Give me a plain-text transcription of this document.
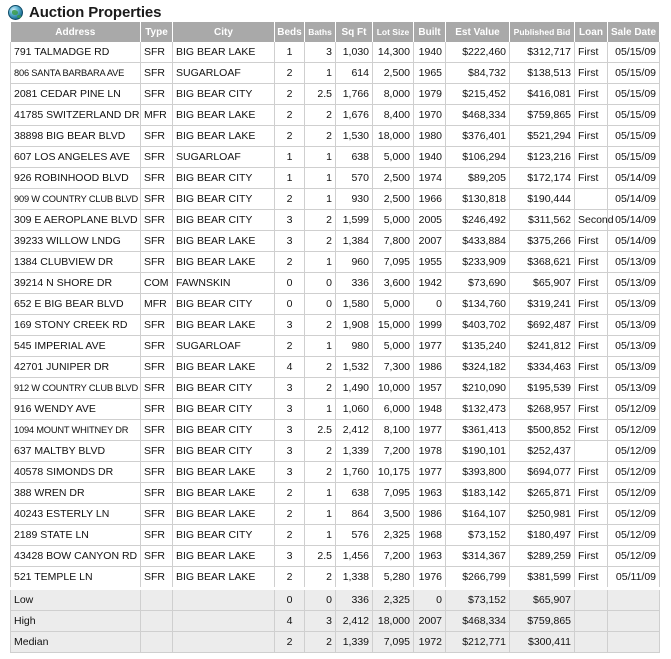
Auction Properties
Address	Type	City	Beds	Baths	Sq Ft	Lot Size	Built	Est Value	Published Bid	Loan	Sale Date
791 TALMADGE RD	SFR	BIG BEAR LAKE	1	3	1,030	14,300	1940	$222,460	$312,717	First	05/15/09
806 SANTA BARBARA AVE	SFR	SUGARLOAF	2	1	614	2,500	1965	$84,732	$138,513	First	05/15/09
2081 CEDAR PINE LN	SFR	BIG BEAR CITY	2	2.5	1,766	8,000	1979	$215,452	$416,081	First	05/15/09
41785 SWITZERLAND DR	MFR	BIG BEAR LAKE	2	2	1,676	8,400	1970	$468,334	$759,865	First	05/15/09
38898 BIG BEAR BLVD	SFR	BIG BEAR LAKE	2	2	1,530	18,000	1980	$376,401	$521,294	First	05/15/09
607 LOS ANGELES AVE	SFR	SUGARLOAF	1	1	638	5,000	1940	$106,294	$123,216	First	05/15/09
926 ROBINHOOD BLVD	SFR	BIG BEAR CITY	1	1	570	2,500	1974	$89,205	$172,174	First	05/14/09
909 W COUNTRY CLUB BLVD	SFR	BIG BEAR CITY	2	1	930	2,500	1966	$130,818	$190,444		05/14/09
309 E AEROPLANE BLVD	SFR	BIG BEAR CITY	3	2	1,599	5,000	2005	$246,492	$311,562	Second	05/14/09
39233 WILLOW LNDG	SFR	BIG BEAR LAKE	3	2	1,384	7,800	2007	$433,884	$375,266	First	05/14/09
1384 CLUBVIEW DR	SFR	BIG BEAR LAKE	2	1	960	7,095	1955	$233,909	$368,621	First	05/13/09
39214 N SHORE DR	COM	FAWNSKIN	0	0	336	3,600	1942	$73,690	$65,907	First	05/13/09
652 E BIG BEAR BLVD	MFR	BIG BEAR CITY	0	0	1,580	5,000	0	$134,760	$319,241	First	05/13/09
169 STONY CREEK RD	SFR	BIG BEAR LAKE	3	2	1,908	15,000	1999	$403,702	$692,487	First	05/13/09
545 IMPERIAL AVE	SFR	SUGARLOAF	2	1	980	5,000	1977	$135,240	$241,812	First	05/13/09
42701 JUNIPER DR	SFR	BIG BEAR LAKE	4	2	1,532	7,300	1986	$324,182	$334,463	First	05/13/09
912 W COUNTRY CLUB BLVD	SFR	BIG BEAR CITY	3	2	1,490	10,000	1957	$210,090	$195,539	First	05/13/09
916 WENDY AVE	SFR	BIG BEAR CITY	3	1	1,060	6,000	1948	$132,473	$268,957	First	05/12/09
1094 MOUNT WHITNEY DR	SFR	BIG BEAR CITY	3	2.5	2,412	8,100	1977	$361,413	$500,852	First	05/12/09
637 MALTBY BLVD	SFR	BIG BEAR CITY	3	2	1,339	7,200	1978	$190,101	$252,437		05/12/09
40578 SIMONDS DR	SFR	BIG BEAR LAKE	3	2	1,760	10,175	1977	$393,800	$694,077	First	05/12/09
388 WREN DR	SFR	BIG BEAR LAKE	2	1	638	7,095	1963	$183,142	$265,871	First	05/12/09
40243 ESTERLY LN	SFR	BIG BEAR LAKE	2	1	864	3,500	1986	$164,107	$250,981	First	05/12/09
2189 STATE LN	SFR	BIG BEAR CITY	2	1	576	2,325	1968	$73,152	$180,497	First	05/12/09
43428 BOW CANYON RD	SFR	BIG BEAR LAKE	3	2.5	1,456	7,200	1963	$314,367	$289,259	First	05/12/09
521 TEMPLE LN	SFR	BIG BEAR LAKE	2	2	1,338	5,280	1976	$266,799	$381,599	First	05/11/09
Low			0	0	336	2,325	0	$73,152	$65,907		
High			4	3	2,412	18,000	2007	$468,334	$759,865		
Median			2	2	1,339	7,095	1972	$212,771	$300,411		
